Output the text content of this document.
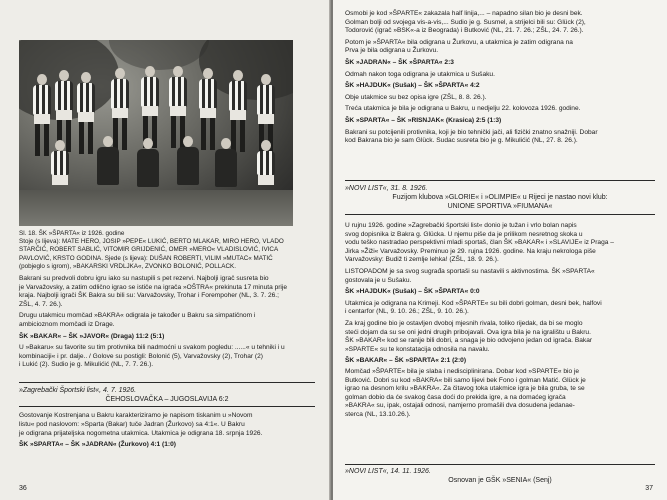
Sl. 18. ŠK »ŠPARTA« iz 1926. godine

Stoje (s lijeva): MATE HERO, JOSIP »PEPE« LUKIĆ, BERTO MLAKAR, MIRO HERO, VLADO

STARČIĆ, ROBERT SABLIĆ, VITOMIR GRIJDENIĆ, OMER »MERO« VLADISLOVIĆ, IVICA

PAVLOVIĆ, KRSTO GODINA. Sjede (s lijeva): DUŠAN ROBERTI, VILIM »MUTAC« MATIĆ

(pobjeglo s igrom), »BAKARSKI VRDLJKA«, ZVONKO BOLONIĆ, POLLACK.

Bakrani su predvoli dobru igru iako su nastupili s pet rezervi. Najbolji igrač susreta bio

je Varvažovsky, a zatim odlično igrao se ističe na igrača »OŠTRA« prekinuta 17 minuta prije

kraja. Najbolji igrači ŠK Bakra su bili su: Varvažovsky, Trohar i Forempoher (NL, 3. 7. 26.;

ZŠL, 4. 7. 26.).

Drugu utakmicu momčad »BAKRA« odigrala je također u Bakru sa simpatičnom i

ambicioznom momčadi iz Drage.

ŠK »BAKAR« – ŠK »JAVOR« (Draga) 11:2 (5:1)

U »Bakaru« su favorite su tim protivnika bili nadmoćni u svakom pogledu: ......« u tehniki i u

kombinaciji« i pr. dalje.. / Golove su postigli: Bolonić (5), Varvažovsky (2), Trohar (2)

i Lukić (2). Sudio je g. Mikulićić (NL, 7. 7. 26.).

»Zagrebački Športski list«, 4. 7. 1926.

ČEHOSLOVAČKA – JUGOSLAVIJA 6:2

Gostovanje Kostrenjana u Bakru karakteriziramo je napisom tiskanim u »Novom

listu« pod naslovom: »Sparta (Bakar) tuče Jadran (Žurkovo) sa 4:1«. U Bakru

je odigrana prijateljska nogometna utakmica. Utakmica je odigrana 18. srpnja 1926.

ŠK »SPARTA« – ŠK »JADRAN« (Žurkovo) 4:1 (1:0)

36

Osmobi je kod »ŠPARTE« zakazala half linija,... – napadno silan bio je desni bek.

Golman bolji od svojega vis-a-vis,... Sudio je g. Susmel, a strijelci bili su: Glück (2),

Todorović (igrač »BSK«-a iz Beograda) i Butković (NL, 21. 7. 26.; ZŠL, 24. 7. 26.).

Potom je »ŠPARTA« bila odigrana u Žurkovu, a utakmica je zatim odigrana na

Prva je bila odigrana u Žurkovu.

ŠK »JADRAN« – ŠK »ŠPARTA« 2:3

Odmah nakon toga odigrana je utakmica u Sušaku.

ŠK »HAJDUK« (Sušak) – ŠK »ŠPARTA« 4:2

Obje utakmice su bez opisa igre (ZŠL, 8. 8. 26.).

Treća utakmica je bila je odigrana u Bakru, u nedjelju 22. kolovoza 1926. godine.

ŠK »SPARTA« – ŠK »RISNJAK« (Krasica) 2:5 (1:3)

Bakrani su potcijenili protivnika, koji je bio tehnički jači, ali fizički znatno snažniji. Dobar

kod Bakrana bio je sam Glück. Sudac susreta bio je g. Mikulićić (NL, 27. 8. 26.).

»NOVI LIST«, 31. 8. 1926.

Fuzijom klubova »GLORIE« i »OLIMPIE« u Rijeci je nastao novi klub:

UNIONE SPORTIVA »FIUMANA«

U rujnu 1926. godine »Zagrebački športski list« donio je tužan i vrlo bolan napis

svog dopisnika iz Bakra g. Glücka. U njemu piše da je prilikom nesretnog skoka u

vodu teško nastradao perspektivni mladi sportaš, član ŠK »BAKAR« i »SLAVIJE« iz Praga –

Jirka »Žiži« Varvažovsky. Preminuo je 29. rujna 1926. godine. Na kraju nekrologa piše

Varvažovsky: Budiž ti zemlje lehka! (ZŠL, 18. 9. 26.).

LISTOPADOM je sa svog sugrađa sportaši su nastavili s aktivnostima. ŠK »SPARTA«

gostovala je u Sušaku.

ŠK »HAJDUK« (Sušak) – ŠK »ŠPARTA« 0:0

Utakmica je odigrana na Krimeji. Kod »ŠPARTE« su bili dobri golman, desni bek, halfovi

i centarfor (NL, 9. 10. 26.; ZŠL, 9. 10. 26.).

Za kraj godine bio je ostavljen dvoboj mjesnih rivala, toliko rijedak, da bi se moglo

steći dojam da su se oni jedni drugih pribojavali. Ova igra bila je na igralištu u Bakru.

ŠK »BAKAR« kod se ranije bili dobri, a snaga je bio odvojeno jedan od igrača. Bakar

»SPARTE« su te konstatacija odnosila na navalu.

ŠK »BAKAR« – ŠK »SPARTA« 2:1 (2:0)

Momčad »ŠPARTE« bila je slaba i nedisciplinirana. Dobar kod »SPARTE« bio je

Butković. Dobri su kod »BAKRA« bili samo lijevi bek Fono i golman Matić. Glück je

igrao na desnom krilu »BAKRA«. Za čitavog toka utakmice igra je bila gruba, te se

golman dobio da će svakog časa doći do prekida igre, a na domaćeg igrača

»BAKRA« su, ipak, ostajali odnosi, namjerno promašili dva dosudena jedanae-

sterca (NL, 13.10.26.).

»NOVI LIST«, 14. 11. 1926.

Osnovan je GŠK »SENIA« (Senj)

37
